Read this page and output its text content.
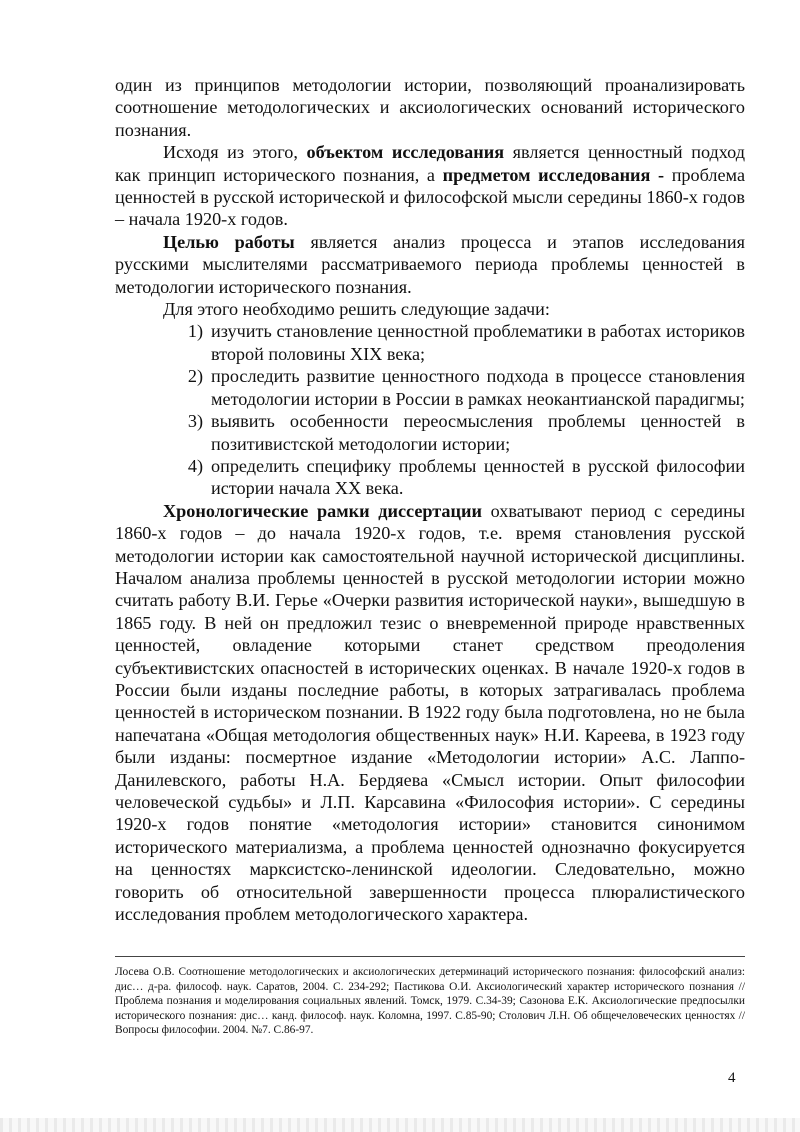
один из принципов методологии истории, позволяющий проанализировать соотношение методологических и аксиологических оснований исторического познания.

Исходя из этого, объектом исследования является ценностный подход как принцип исторического познания, а предметом исследования - проблема ценностей в русской исторической и философской мысли середины 1860-х годов – начала 1920-х годов.

Целью работы является анализ процесса и этапов исследования русскими мыслителями рассматриваемого периода проблемы ценностей в методологии исторического познания.

Для этого необходимо решить следующие задачи:

1) изучить становление ценностной проблематики в работах историков второй половины XIX века;
2) проследить развитие ценностного подхода в процессе становления методологии истории в России в рамках неокантианской парадигмы;
3) выявить особенности переосмысления проблемы ценностей в позитивистской методологии истории;
4) определить специфику проблемы ценностей в русской философии истории начала XX века.

Хронологические рамки диссертации охватывают период с середины 1860-х годов – до начала 1920-х годов, т.е. время становления русской методологии истории как самостоятельной научной исторической дисциплины. Началом анализа проблемы ценностей в русской методологии истории можно считать работу В.И. Герье «Очерки развития исторической науки», вышедшую в 1865 году. В ней он предложил тезис о вневременной природе нравственных ценностей, овладение которыми станет средством преодоления субъективистских опасностей в исторических оценках. В начале 1920-х годов в России были изданы последние работы, в которых затрагивалась проблема ценностей в историческом познании. В 1922 году была подготовлена, но не была напечатана «Общая методология общественных наук» Н.И. Кареева, в 1923 году были изданы: посмертное издание «Методологии истории» А.С. Лаппо-Данилевского, работы Н.А. Бердяева «Смысл истории. Опыт философии человеческой судьбы» и Л.П. Карсавина «Философия истории». С середины 1920-х годов понятие «методология истории» становится синонимом исторического материализма, а проблема ценностей однозначно фокусируется на ценностях марксистско-ленинской идеологии. Следовательно, можно говорить об относительной завершенности процесса плюралистического исследования проблем методологического характера.

Лосева О.В. Соотношение методологических и аксиологических детерминаций исторического познания: философский анализ: дис… д-ра. философ. наук. Саратов, 2004. С. 234-292; Пастикова О.И. Аксиологический характер исторического познания // Проблема познания и моделирования социальных явлений. Томск, 1979. С.34-39; Сазонова Е.К. Аксиологические предпосылки исторического познания: дис… канд. философ. наук. Коломна, 1997. С.85-90; Столович Л.Н. Об общечеловеческих ценностях // Вопросы философии. 2004. №7. С.86-97.
4
